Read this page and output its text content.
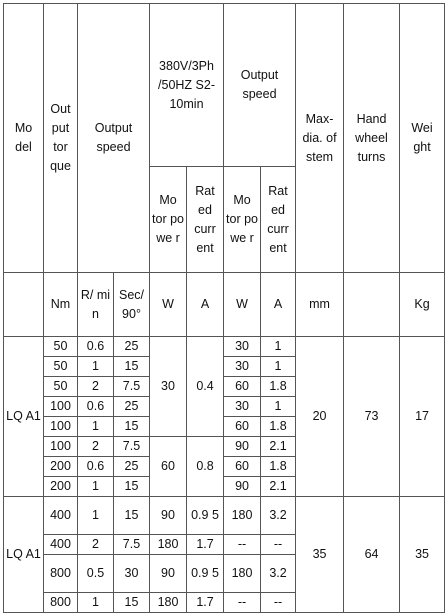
Mo del	Out put tor que	Output speed		380V/3Ph /50HZ S2-10min		Output speed		Max- dia. of stem	Hand wheel turns	Wei ght
				Mo tor po we r	Rat ed curr ent	Mo tor po we r	Rat ed curr ent			
	Nm	R/ mi n	Sec/ 90°	W	A	W	A	mm		Kg
LQ A1	50	0.6	25	30	0.4	30	1	20	73	17
	50	1	15			30	1			
	50	2	7.5			60	1.8			
	100	0.6	25			30	1			
	100	1	15			60	1.8			
	100	2	7.5	60	0.8	90	2.1			
	200	0.6	25			60	1.8			
	200	1	15			90	2.1			
LQ A1	400	1	15	90	0.9 5	180	3.2	35	64	35
	400	2	7.5	180	1.7	--	--			
	800	0.5	30	90	0.9 5	180	3.2			
	800	1	15	180	1.7	--	--			
